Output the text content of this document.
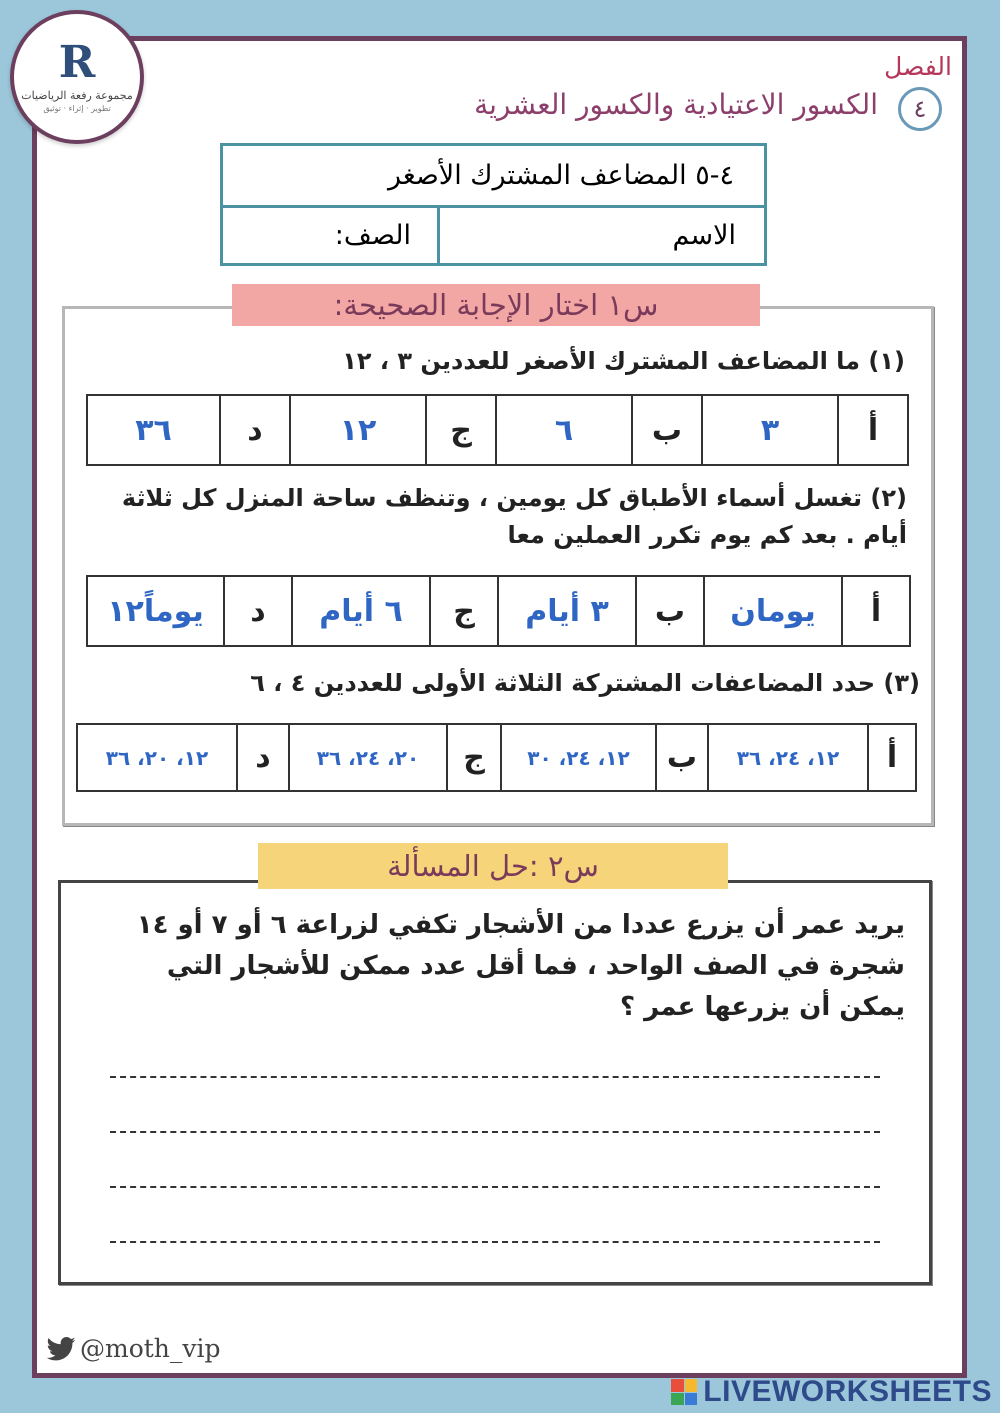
R
مجموعة رفعة الرياضيات
تطوير · إثراء · توثيق
الفصل
٤
الكسور الاعتيادية والكسور العشرية
٤-٥ المضاعف المشترك الأصغر
الاسم
الصف:
س١ اختار الإجابة الصحيحة:
(١) ما المضاعف المشترك الأصغر للعددين ٣ ، ١٢
أ	٣	ب	٦	ج	١٢	د	٣٦
(٢) تغسل أسماء الأطباق كل يومين ، وتنظف ساحة المنزل كل ثلاثة أيام . بعد كم يوم تكرر العملين معا
أ	يومان	ب	٣ أيام	ج	٦ أيام	د	يوماً١٢
(٣) حدد المضاعفات المشتركة الثلاثة الأولى للعددين ٤ ، ٦
أ	١٢، ٢٤، ٣٦	ب	١٢، ٢٤، ٣٠	ج	٢٠، ٢٤، ٣٦	د	١٢، ٢٠، ٣٦
س٢ :حل المسألة
يريد عمر أن يزرع عددا من الأشجار تكفي لزراعة ٦ أو ٧ أو ١٤ شجرة في الصف الواحد ، فما أقل عدد ممكن للأشجار التي يمكن أن يزرعها عمر ؟
@moth_vip
LIVEWORKSHEETS
